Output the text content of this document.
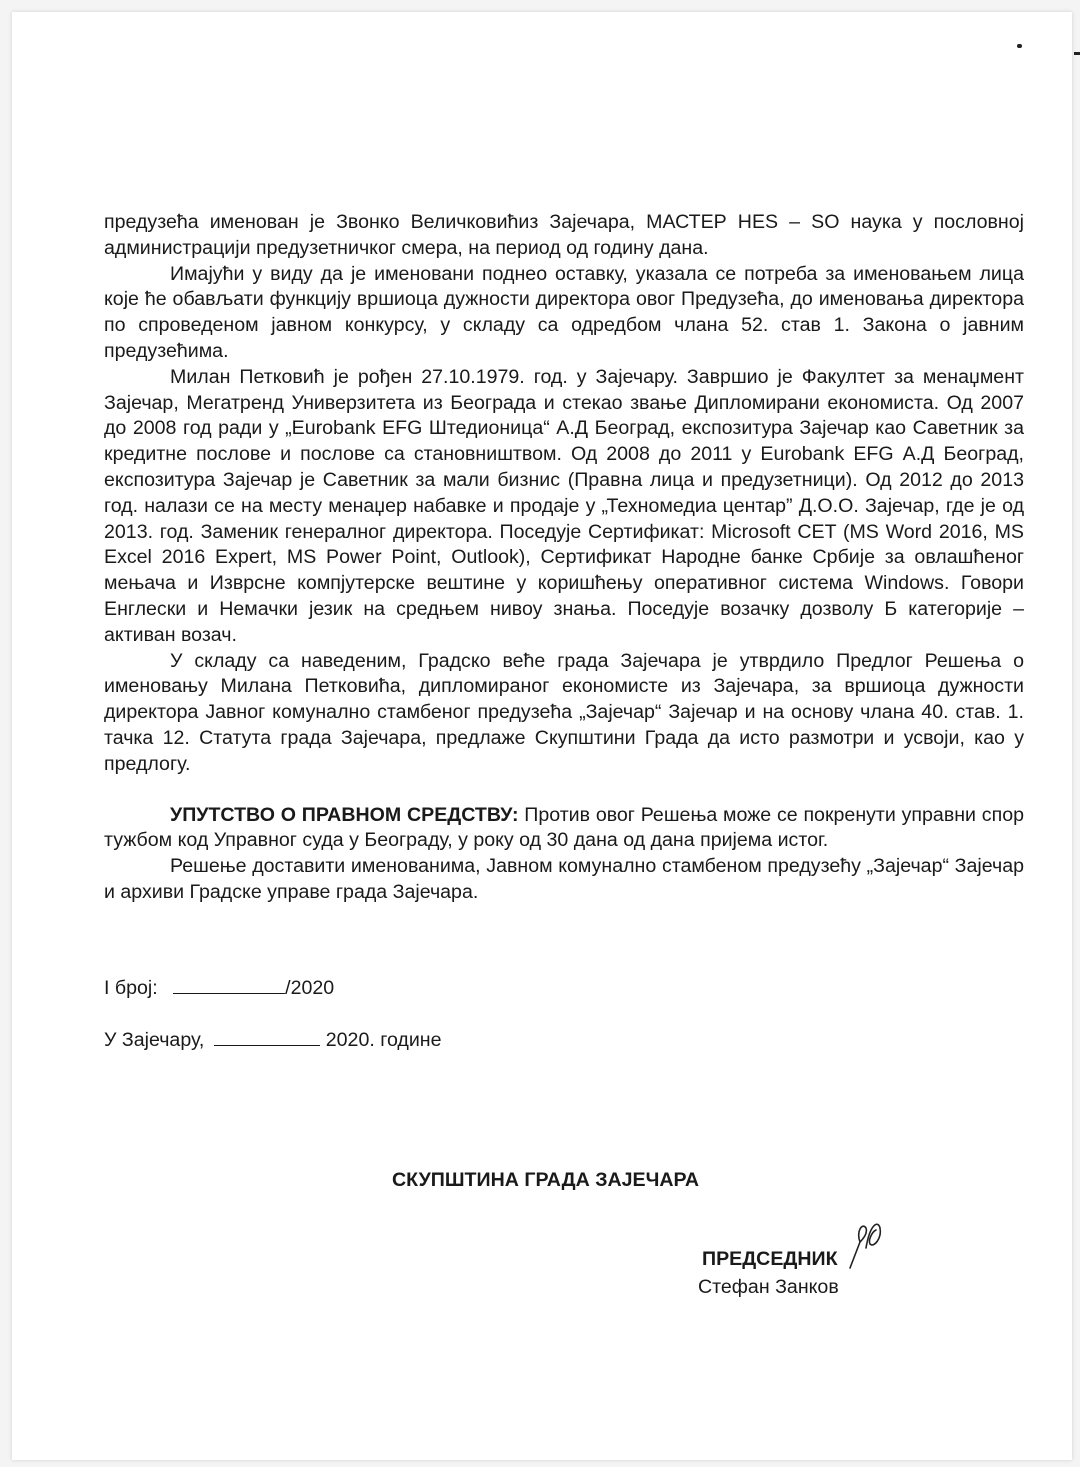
предузећа именован је Звонко Величковићиз Зајечара, МАСТЕР HES – SO наука у пословној администрацији предузетничког смера, на период од годину дана.

Имајући у виду да је именовани поднео оставку, указала се потреба за именовањем лица које ће обављати функцију вршиоца дужности директора овог Предузећа, до именовања директора по спроведеном јавном конкурсу, у складу са одредбом члана 52. став 1. Закона о јавним предузећима.

Милан Петковић је рођен 27.10.1979. год. у Зајечару. Завршио је Факултет за менаџмент Зајечар, Мегатренд Универзитета из Београда и стекао звање Дипломирани економиста. Од 2007 до 2008 год ради у „Eurobank EFG Штедионица“ А.Д Београд, експозитура Зајечар као Саветник за кредитне послове и послове са становништвом. Од 2008 до 2011 у Eurobank EFG А.Д Београд, експозитура Зајечар је Саветник за мали бизнис (Правна лица и предузетници). Од 2012 до 2013 год. налази се на месту менаџер набавке и продаје у „Техномедиа центар” Д.О.О. Зајечар, где је од 2013. год. Заменик генералног директора. Поседује Сертификат: Microsoft CET (MS Word 2016, MS Excel 2016 Expert, MS Power Point, Outlook), Сертификат Народне банке Србије за овлашћеног мењача и Изврсне компјутерске вештине у коришћењу оперативног система Windows. Говори Енглески и Немачки језик на средњем нивоу знања. Поседује возачку дозволу Б категорије – активан возач.

У складу са наведеним, Градско веће града Зајечара је утврдило Предлог Решења о именовању Милана Петковића, дипломираног економисте из Зајечара, за вршиоца дужности директора Јавног комунално стамбеног предузећа „Зајечар“ Зајечар и на основу члана 40. став. 1. тачка 12. Статута града Зајечара, предлаже Скупштини Града да исто размотри и усвоји, као у предлогу.

УПУТСТВО О ПРАВНОМ СРЕДСТВУ: Против овог Решења може се покренути управни спор тужбом код Управног суда у Београду, у року од 30 дана од дана пријема истог.

Решење доставити именованима, Јавном комунално стамбеном предузећу „Зајечар“ Зајечар и архиви Градске управе града Зајечара.

I број:	/2020
У Зајечару,	2020. године
СКУПШТИНА ГРАДА ЗАЈЕЧАРА
ПРЕДСЕДНИК
Стефан Занков
